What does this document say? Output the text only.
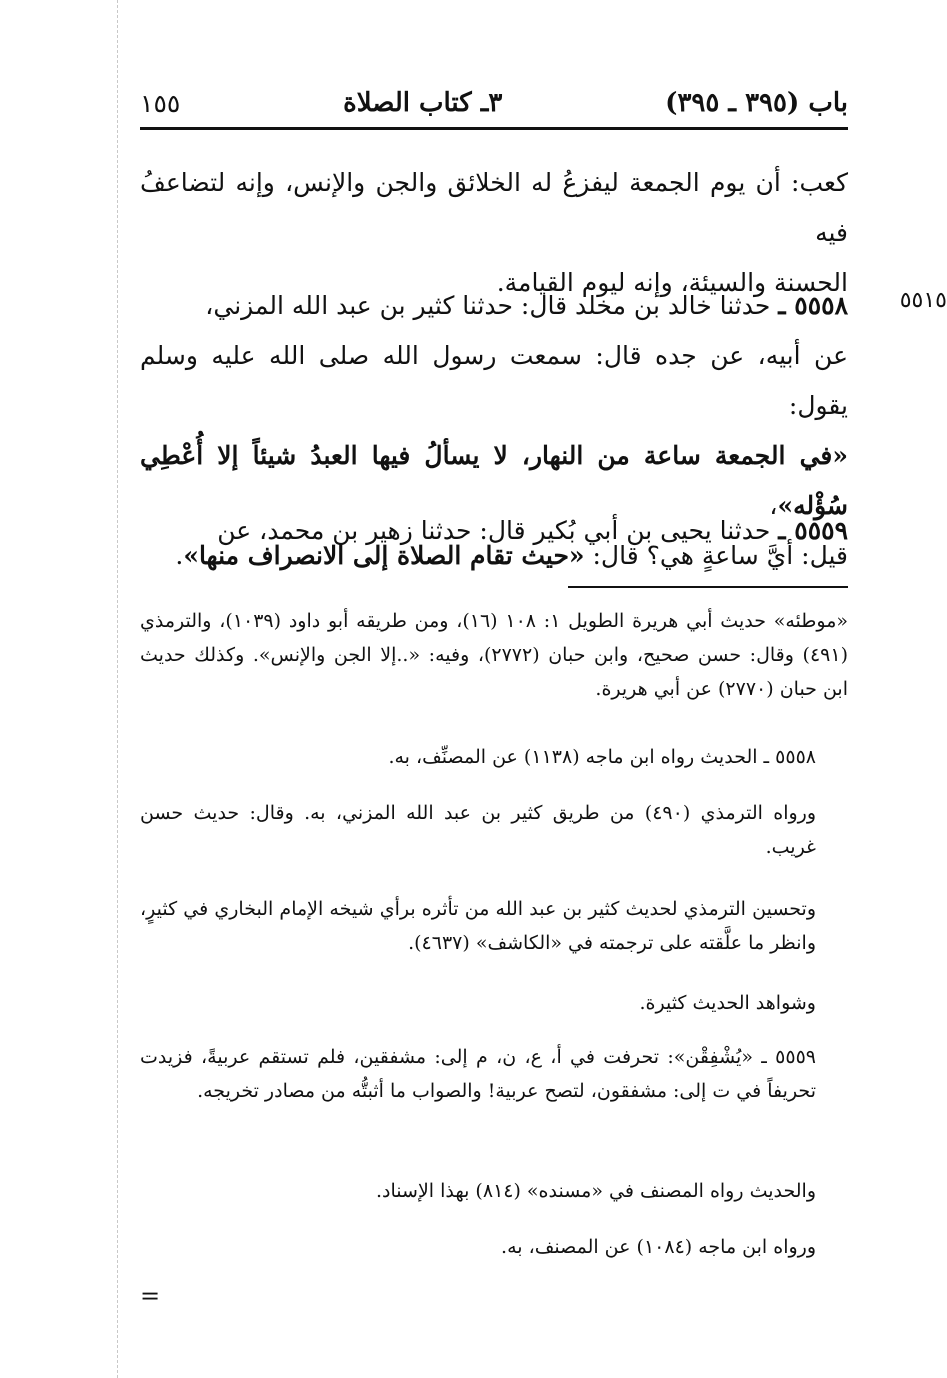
باب (٣٩٥ ـ ٣٩٥)
٣ـ كتاب الصلاة
١٥٥

كعب: أن يوم الجمعة ليفزعُ له الخلائق والجن والإنس، وإنه لتضاعفُ فيه

الحسنة والسيئة، وإنه ليوم القيامة.

٥٥١٥

٥٥٥٨ ـ حدثنا خالد بن مخلد قال: حدثنا كثير بن عبد الله المزني،

عن أبيه، عن جده قال: سمعت رسول الله صلى الله عليه وسلم يقول:

«في الجمعة ساعة من النهار، لا يسألُ فيها العبدُ شيئاً إلا أُعْطِي سُؤْله»،

قيل: أيَّ ساعةٍ هي؟ قال: «حيث تقام الصلاة إلى الانصراف منها».

٥٥٥٩ ـ حدثنا يحيى بن أبي بُكير قال: حدثنا زهير بن محمد، عن

«موطئه» حديث أبي هريرة الطويل ١: ١٠٨ (١٦)، ومن طريقه أبو داود (١٠٣٩)، والترمذي (٤٩١) وقال: حسن صحيح، وابن حبان (٢٧٧٢)، وفيه: «..إلا الجن والإنس». وكذلك حديث ابن حبان (٢٧٧٠) عن أبي هريرة.

٥٥٥٨ ـ الحديث رواه ابن ماجه (١١٣٨) عن المصنِّف، به.

ورواه الترمذي (٤٩٠) من طريق كثير بن عبد الله المزني، به. وقال: حديث حسن غريب.

وتحسين الترمذي لحديث كثير بن عبد الله من تأثره برأي شيخه الإمام البخاري في كثيرٍ، وانظر ما علَّقته على ترجمته في «الكاشف» (٤٦٣٧).

وشواهد الحديث كثيرة.

٥٥٥٩ ـ «يُشْفِقْن»: تحرفت في أ، ع، ن، م إلى: مشفقين، فلم تستقم عربيةً، فزيدت تحريفاً في ت إلى: مشفقون، لتصح عربية! والصواب ما أثبتُّه من مصادر تخريجه.

والحديث رواه المصنف في «مسنده» (٨١٤) بهذا الإسناد.

ورواه ابن ماجه (١٠٨٤) عن المصنف، به.

=
